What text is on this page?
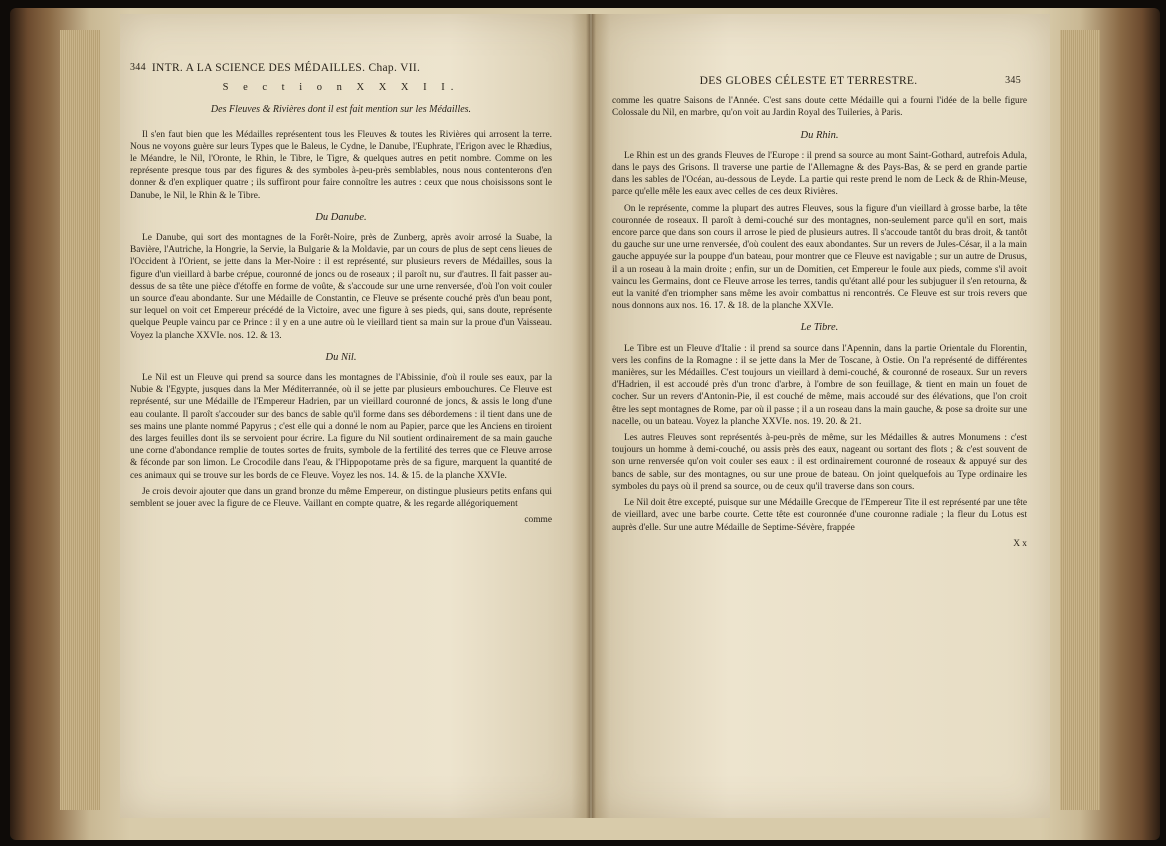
344 INTR. A LA SCIENCE DES MÉDAILLES. Chap. VII.
S e c t i o n X X X I I.
Des Fleuves & Rivières dont il est fait mention sur les Médailles.

Il s'en faut bien que les Médailles représentent tous les Fleuves & toutes les Rivières qui arrosent la terre. Nous ne voyons guère sur leurs Types que le Baleus, le Cydne, le Danube, l'Euphrate, l'Erigon avec le Rhædius, le Méandre, le Nil, l'Oronte, le Rhin, le Tibre, le Tigre, & quelques autres en petit nombre. Comme on les représente presque tous par des figures & des symboles à-peu-près semblables, nous nous contenterons d'en donner & d'en expliquer quatre ; ils suffiront pour faire connoître les autres : ceux que nous choisissons sont le Danube, le Nil, le Rhin & le Tibre.

Du Danube.

Le Danube, qui sort des montagnes de la Forêt-Noire, près de Zunberg, après avoir arrosé la Suabe, la Bavière, l'Autriche, la Hongrie, la Servie, la Bulgarie & la Moldavie, par un cours de plus de sept cens lieues de l'Occident à l'Orient, se jette dans la Mer-Noire : il est représenté, sur plusieurs revers de Médailles, sous la figure d'un vieillard à barbe crépue, couronné de joncs ou de roseaux ; il paroît nu, sur d'autres. Il fait passer au-dessus de sa tête une pièce d'étoffe en forme de voûte, & s'accoude sur une urne renversée, d'où l'on voit couler un source d'eau abondante. Sur une Médaille de Constantin, ce Fleuve se présente couché près d'un beau pont, sur lequel on voit cet Empereur précédé de la Victoire, avec une figure à ses pieds, qui, sans doute, représente quelque Peuple vaincu par ce Prince : il y en a une autre où le vieillard tient sa main sur la proue d'un Vaisseau. Voyez la planche XXVIe. nos. 12. & 13.

Du Nil.

Le Nil est un Fleuve qui prend sa source dans les montagnes de l'Abissinie, d'où il roule ses eaux, par la Nubie & l'Egypte, jusques dans la Mer Méditerrannée, où il se jette par plusieurs embouchures. Ce Fleuve est représenté, sur une Médaille de l'Empereur Hadrien, par un vieillard couronné de joncs, & assis le long d'une eau coulante. Il paroît s'accouder sur des bancs de sable qu'il forme dans ses débordemens : il tient dans une de ses mains une plante nommé Papyrus ; c'est elle qui a donné le nom au Papier, parce que les Anciens en tiroient des larges feuilles dont ils se servoient pour écrire. La figure du Nil soutient ordinairement de sa main gauche une corne d'abondance remplie de toutes sortes de fruits, symbole de la fertilité des terres que ce Fleuve arrose & féconde par son limon. Le Crocodile dans l'eau, & l'Hippopotame près de sa figure, marquent la quantité de ces animaux qui se trouve sur les bords de ce Fleuve. Voyez les nos. 14. & 15. de la planche XXVIe.

Je crois devoir ajouter que dans un grand bronze du même Empereur, on distingue plusieurs petits enfans qui semblent se jouer avec la figure de ce Fleuve. Vaillant en compte quatre, & les regarde allégoriquement

comme
DES GLOBES CÉLESTE ET TERRESTRE.	345

comme les quatre Saisons de l'Année. C'est sans doute cette Médaille qui a fourni l'idée de la belle figure Colossale du Nil, en marbre, qu'on voit au Jardin Royal des Tuileries, à Paris.

Du Rhin.

Le Rhin est un des grands Fleuves de l'Europe : il prend sa source au mont Saint-Gothard, autrefois Adula, dans le pays des Grisons. Il traverse une partie de l'Allemagne & des Pays-Bas, & se perd en grande partie dans les sables de l'Océan, au-dessous de Leyde. La partie qui reste prend le nom de Leck & de Rhin-Meuse, parce qu'elle mêle les eaux avec celles de ces deux Rivières.

On le représente, comme la plupart des autres Fleuves, sous la figure d'un vieillard à grosse barbe, la tête couronnée de roseaux. Il paroît à demi-couché sur des montagnes, non-seulement parce qu'il en sort, mais encore parce que dans son cours il arrose le pied de plusieurs autres. Il s'accoude tantôt du bras droit, & tantôt du gauche sur une urne renversée, d'où coulent des eaux abondantes. Sur un revers de Jules-César, il a la main gauche appuyée sur la pouppe d'un bateau, pour montrer que ce Fleuve est navigable ; sur un autre de Drusus, il a un roseau à la main droite ; enfin, sur un de Domitien, cet Empereur le foule aux pieds, comme s'il avoit vaincu les Germains, dont ce Fleuve arrose les terres, tandis qu'étant allé pour les subjuguer il s'en retourna, & eut la vanité d'en triompher sans même les avoir combattus ni rencontrés. Ce Fleuve est sur trois revers que nous donnons aux nos. 16. 17. & 18. de la planche XXVIe.

Le Tibre.

Le Tibre est un Fleuve d'Italie : il prend sa source dans l'Apennin, dans la partie Orientale du Florentin, vers les confins de la Romagne : il se jette dans la Mer de Toscane, à Ostie. On l'a représenté de différentes manières, sur les Médailles. C'est toujours un vieillard à demi-couché, & couronné de roseaux. Sur un revers d'Hadrien, il est accoudé près d'un tronc d'arbre, à l'ombre de son feuillage, & tient en main un fouet de cocher. Sur un revers d'Antonin-Pie, il est couché de même, mais accoudé sur des élévations, que l'on croit être les sept montagnes de Rome, par où il passe ; il a un roseau dans la main gauche, & pose sa droite sur une nacelle, ou un bateau. Voyez la planche XXVIe. nos. 19. 20. & 21.

Les autres Fleuves sont représentés à-peu-près de même, sur les Médailles & autres Monumens : c'est toujours un homme à demi-couché, ou assis près des eaux, nageant ou sortant des flots ; & c'est souvent de son urne renversée qu'on voit couler ses eaux : il est ordinairement couronné de roseaux & appuyé sur des bancs de sable, sur des montagnes, ou sur une proue de bateau. On joint quelquefois au Type ordinaire les symboles du pays où il prend sa source, ou de ceux qu'il traverse dans son cours.

Le Nil doit être excepté, puisque sur une Médaille Grecque de l'Empereur Tite il est représenté par une tête de vieillard, avec une barbe courte. Cette tête est couronnée d'une couronne radiale ; la fleur du Lotus est auprès d'elle. Sur une autre Médaille de Septime-Sévère, frappée

X x
